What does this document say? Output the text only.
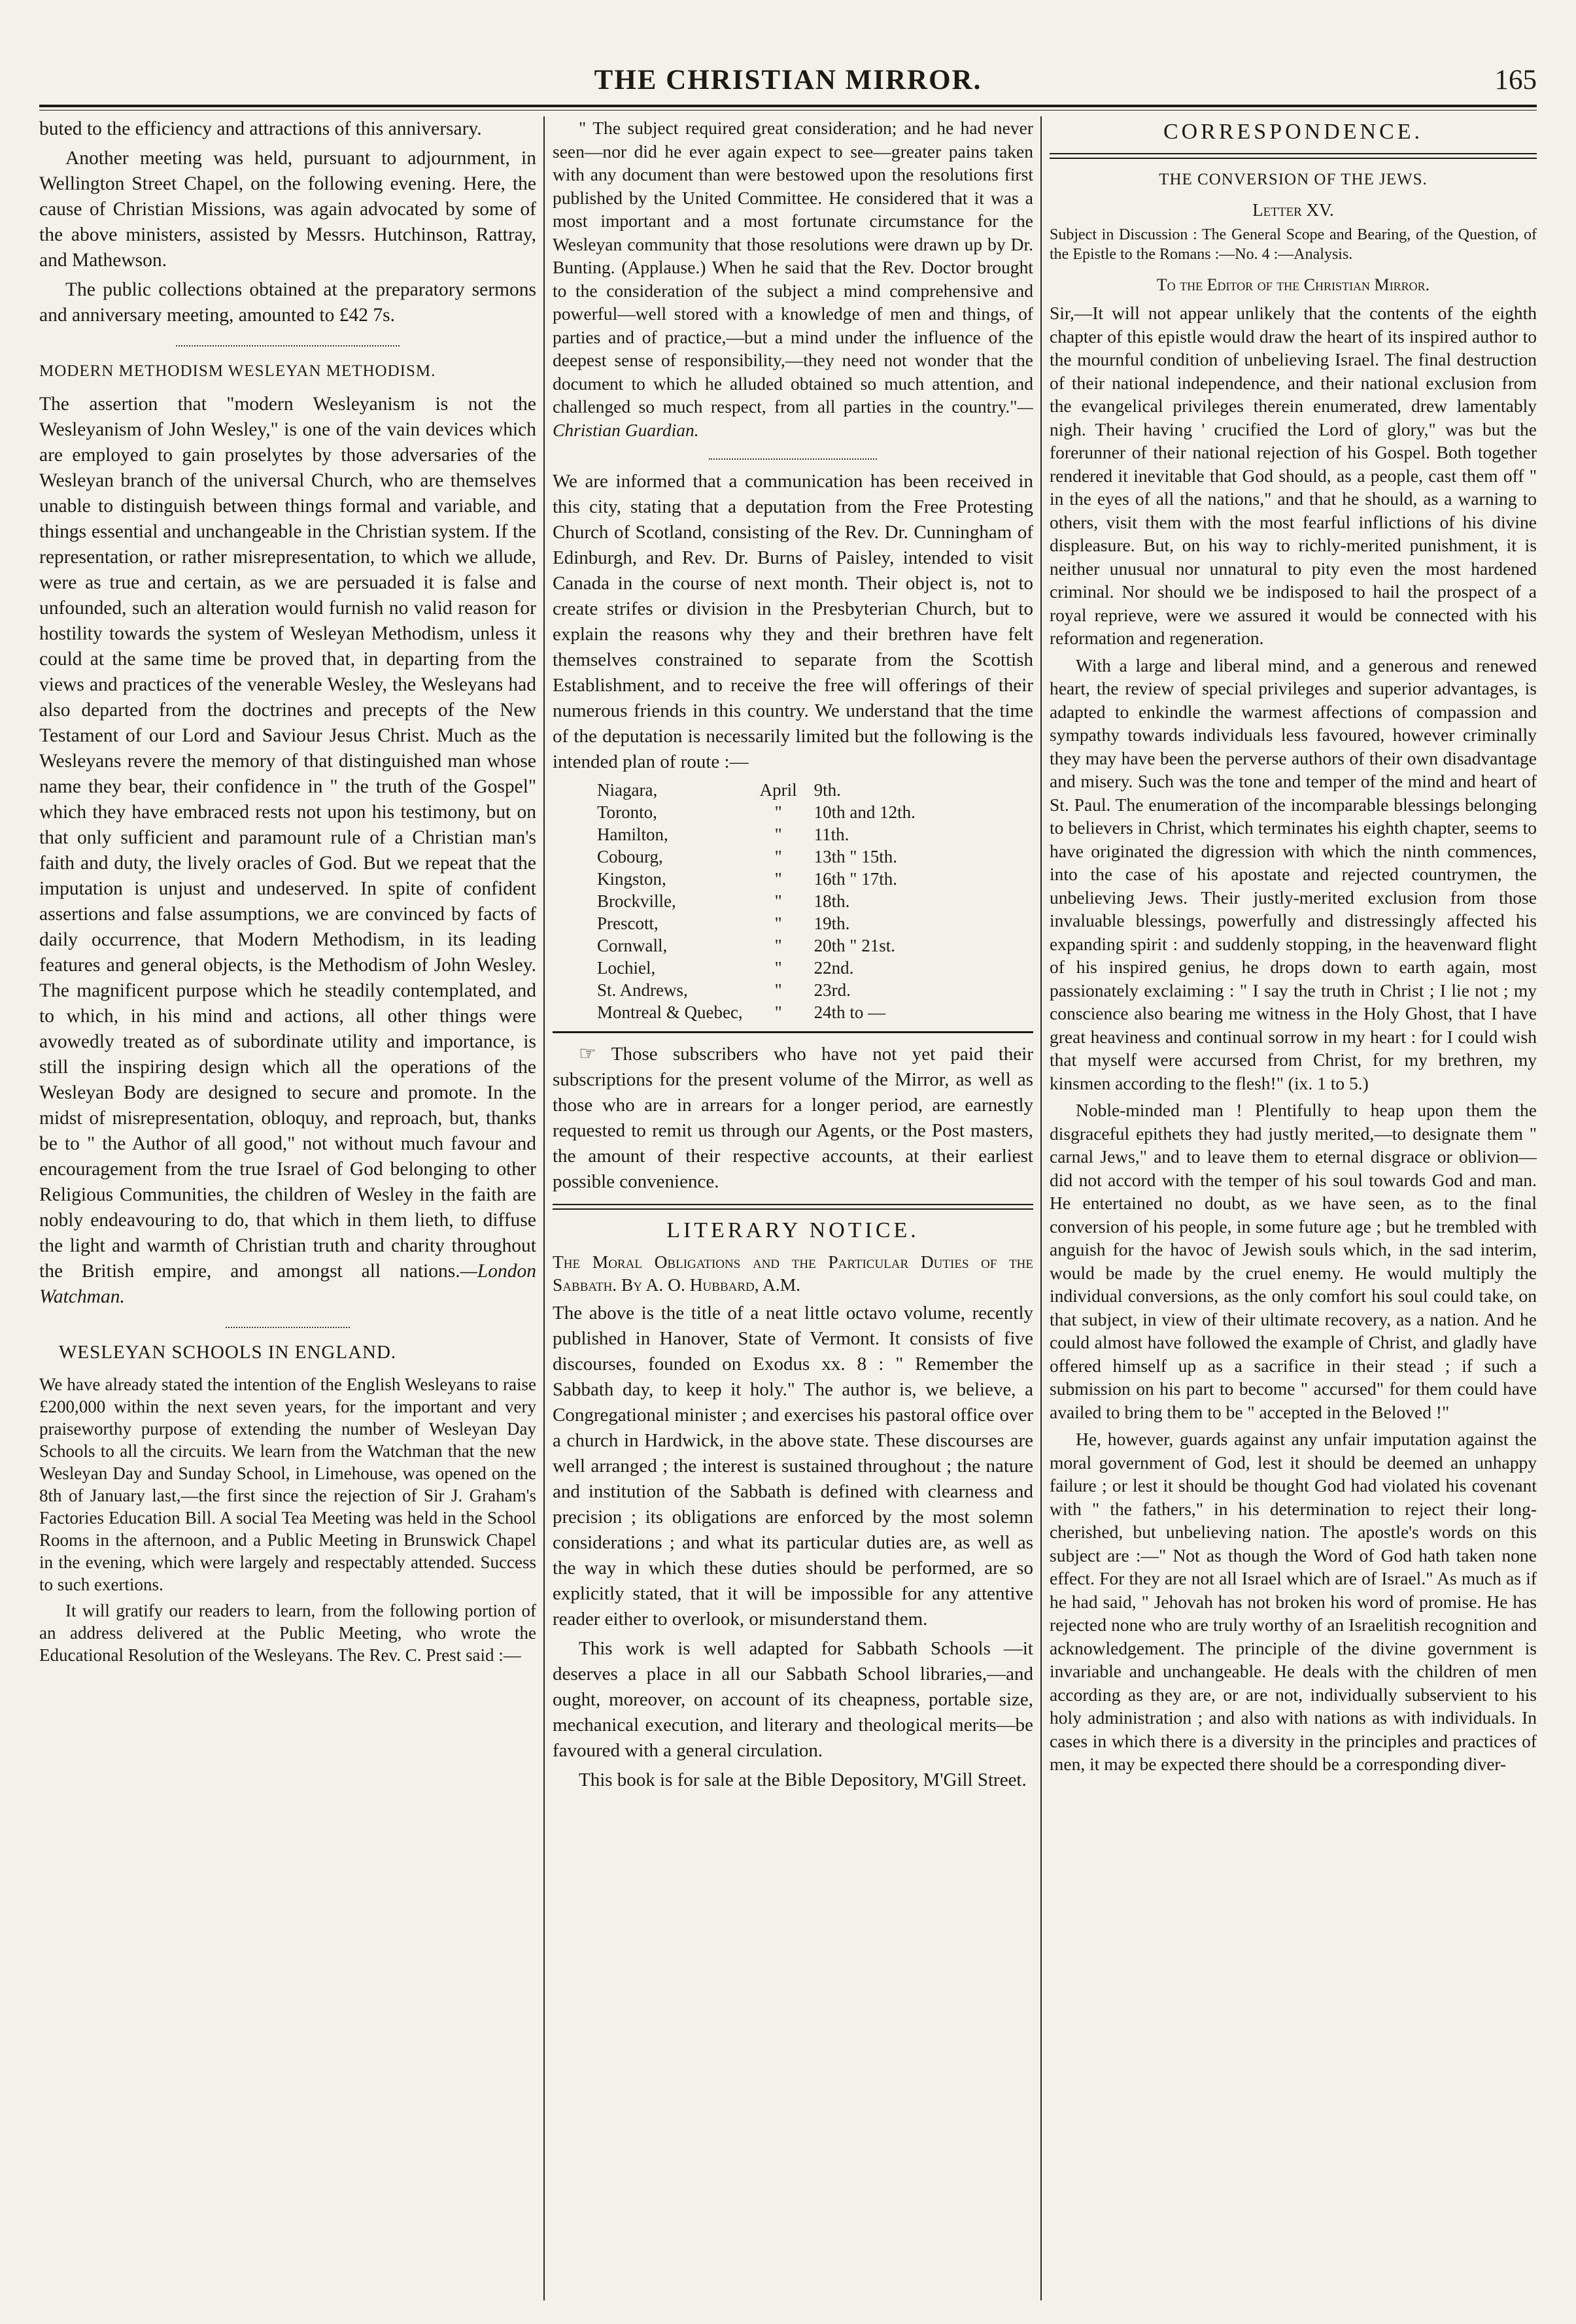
THE CHRISTIAN MIRROR.	165

buted to the efficiency and attractions of this anniversary.

Another meeting was held, pursuant to adjournment, in Wellington Street Chapel, on the following evening. Here, the cause of Christian Missions, was again advocated by some of the above ministers, assisted by Messrs. Hutchinson, Rattray, and Mathewson.

The public collections obtained at the preparatory sermons and anniversary meeting, amounted to £42 7s.

MODERN METHODISM WESLEYAN METHODISM.

The assertion that "modern Wesleyanism is not the Wesleyanism of John Wesley," is one of the vain devices which are employed to gain proselytes by those adversaries of the Wesleyan branch of the universal Church, who are themselves unable to distinguish between things formal and variable, and things essential and unchangeable in the Christian system. If the representation, or rather misrepresentation, to which we allude, were as true and certain, as we are persuaded it is false and unfounded, such an alteration would furnish no valid reason for hostility towards the system of Wesleyan Methodism, unless it could at the same time be proved that, in departing from the views and practices of the venerable Wesley, the Wesleyans had also departed from the doctrines and precepts of the New Testament of our Lord and Saviour Jesus Christ. Much as the Wesleyans revere the memory of that distinguished man whose name they bear, their confidence in " the truth of the Gospel" which they have embraced rests not upon his testimony, but on that only sufficient and paramount rule of a Christian man's faith and duty, the lively oracles of God. But we repeat that the imputation is unjust and undeserved. In spite of confident assertions and false assumptions, we are convinced by facts of daily occurrence, that Modern Methodism, in its leading features and general objects, is the Methodism of John Wesley. The magnificent purpose which he steadily contemplated, and to which, in his mind and actions, all other things were avowedly treated as of subordinate utility and importance, is still the inspiring design which all the operations of the Wesleyan Body are designed to secure and promote. In the midst of misrepresentation, obloquy, and reproach, but, thanks be to " the Author of all good," not without much favour and encouragement from the true Israel of God belonging to other Religious Communities, the children of Wesley in the faith are nobly endeavouring to do, that which in them lieth, to diffuse the light and warmth of Christian truth and charity throughout the British empire, and amongst all nations.—London Watchman.

WESLEYAN SCHOOLS IN ENGLAND.

We have already stated the intention of the English Wesleyans to raise £200,000 within the next seven years, for the important and very praiseworthy purpose of extending the number of Wesleyan Day Schools to all the circuits. We learn from the Watchman that the new Wesleyan Day and Sunday School, in Limehouse, was opened on the 8th of January last,—the first since the rejection of Sir J. Graham's Factories Education Bill. A social Tea Meeting was held in the School Rooms in the afternoon, and a Public Meeting in Brunswick Chapel in the evening, which were largely and respectably attended. Success to such exertions.

It will gratify our readers to learn, from the following portion of an address delivered at the Public Meeting, who wrote the Educational Resolution of the Wesleyans. The Rev. C. Prest said :—

" The subject required great consideration; and he had never seen—nor did he ever again expect to see—greater pains taken with any document than were bestowed upon the resolutions first published by the United Committee. He considered that it was a most important and a most fortunate circumstance for the Wesleyan community that those resolutions were drawn up by Dr. Bunting. (Applause.) When he said that the Rev. Doctor brought to the consideration of the subject a mind comprehensive and powerful—well stored with a knowledge of men and things, of parties and of practice,—but a mind under the influence of the deepest sense of responsibility,—they need not wonder that the document to which he alluded obtained so much attention, and challenged so much respect, from all parties in the country."—Christian Guardian.

We are informed that a communication has been received in this city, stating that a deputation from the Free Protesting Church of Scotland, consisting of the Rev. Dr. Cunningham of Edinburgh, and Rev. Dr. Burns of Paisley, intended to visit Canada in the course of next month. Their object is, not to create strifes or division in the Presbyterian Church, but to explain the reasons why they and their brethren have felt themselves constrained to separate from the Scottish Establishment, and to receive the free will offerings of their numerous friends in this country. We understand that the time of the deputation is necessarily limited but the following is the intended plan of route :—

Niagara,	April	9th.
Toronto,	"	10th and 12th.
Hamilton,	"	11th.
Cobourg,	"	13th " 15th.
Kingston,	"	16th " 17th.
Brockville,	"	18th.
Prescott,	"	19th.
Cornwall,	"	20th " 21st.
Lochiel,	"	22nd.
St. Andrews,	"	23rd.
Montreal & Quebec,	"	24th to —

☞ Those subscribers who have not yet paid their subscriptions for the present volume of the Mirror, as well as those who are in arrears for a longer period, are earnestly requested to remit us through our Agents, or the Post masters, the amount of their respective accounts, at their earliest possible convenience.

LITERARY NOTICE.

The Moral Obligations and the Particular Duties of the Sabbath. By A. O. Hubbard, A.M.

The above is the title of a neat little octavo volume, recently published in Hanover, State of Vermont. It consists of five discourses, founded on Exodus xx. 8 : " Remember the Sabbath day, to keep it holy." The author is, we believe, a Congregational minister ; and exercises his pastoral office over a church in Hardwick, in the above state. These discourses are well arranged ; the interest is sustained throughout ; the nature and institution of the Sabbath is defined with clearness and precision ; its obligations are enforced by the most solemn considerations ; and what its particular duties are, as well as the way in which these duties should be performed, are so explicitly stated, that it will be impossible for any attentive reader either to overlook, or misunderstand them.

This work is well adapted for Sabbath Schools —it deserves a place in all our Sabbath School libraries,—and ought, moreover, on account of its cheapness, portable size, mechanical execution, and literary and theological merits—be favoured with a general circulation.

This book is for sale at the Bible Depository, M'Gill Street.

CORRESPONDENCE.
THE CONVERSION OF THE JEWS.
Letter XV.

Subject in Discussion : The General Scope and Bearing, of the Question, of the Epistle to the Romans :—No. 4 :—Analysis.

To the Editor of the Christian Mirror.

Sir,—It will not appear unlikely that the contents of the eighth chapter of this epistle would draw the heart of its inspired author to the mournful condition of unbelieving Israel. The final destruction of their national independence, and their national exclusion from the evangelical privileges therein enumerated, drew lamentably nigh. Their having ' crucified the Lord of glory," was but the forerunner of their national rejection of his Gospel. Both together rendered it inevitable that God should, as a people, cast them off " in the eyes of all the nations," and that he should, as a warning to others, visit them with the most fearful inflictions of his divine displeasure. But, on his way to richly-merited punishment, it is neither unusual nor unnatural to pity even the most hardened criminal. Nor should we be indisposed to hail the prospect of a royal reprieve, were we assured it would be connected with his reformation and regeneration.

With a large and liberal mind, and a generous and renewed heart, the review of special privileges and superior advantages, is adapted to enkindle the warmest affections of compassion and sympathy towards individuals less favoured, however criminally they may have been the perverse authors of their own disadvantage and misery. Such was the tone and temper of the mind and heart of St. Paul. The enumeration of the incomparable blessings belonging to believers in Christ, which terminates his eighth chapter, seems to have originated the digression with which the ninth commences, into the case of his apostate and rejected countrymen, the unbelieving Jews. Their justly-merited exclusion from those invaluable blessings, powerfully and distressingly affected his expanding spirit : and suddenly stopping, in the heavenward flight of his inspired genius, he drops down to earth again, most passionately exclaiming : " I say the truth in Christ ; I lie not ; my conscience also bearing me witness in the Holy Ghost, that I have great heaviness and continual sorrow in my heart : for I could wish that myself were accursed from Christ, for my brethren, my kinsmen according to the flesh!" (ix. 1 to 5.)

Noble-minded man ! Plentifully to heap upon them the disgraceful epithets they had justly merited,—to designate them " carnal Jews," and to leave them to eternal disgrace or oblivion—did not accord with the temper of his soul towards God and man. He entertained no doubt, as we have seen, as to the final conversion of his people, in some future age ; but he trembled with anguish for the havoc of Jewish souls which, in the sad interim, would be made by the cruel enemy. He would multiply the individual conversions, as the only comfort his soul could take, on that subject, in view of their ultimate recovery, as a nation. And he could almost have followed the example of Christ, and gladly have offered himself up as a sacrifice in their stead ; if such a submission on his part to become " accursed" for them could have availed to bring them to be " accepted in the Beloved !"

He, however, guards against any unfair imputation against the moral government of God, lest it should be deemed an unhappy failure ; or lest it should be thought God had violated his covenant with " the fathers," in his determination to reject their long-cherished, but unbelieving nation. The apostle's words on this subject are :—" Not as though the Word of God hath taken none effect. For they are not all Israel which are of Israel." As much as if he had said, " Jehovah has not broken his word of promise. He has rejected none who are truly worthy of an Israelitish recognition and acknowledgement. The principle of the divine government is invariable and unchangeable. He deals with the children of men according as they are, or are not, individually subservient to his holy administration ; and also with nations as with individuals. In cases in which there is a diversity in the principles and practices of men, it may be expected there should be a corresponding diver-
